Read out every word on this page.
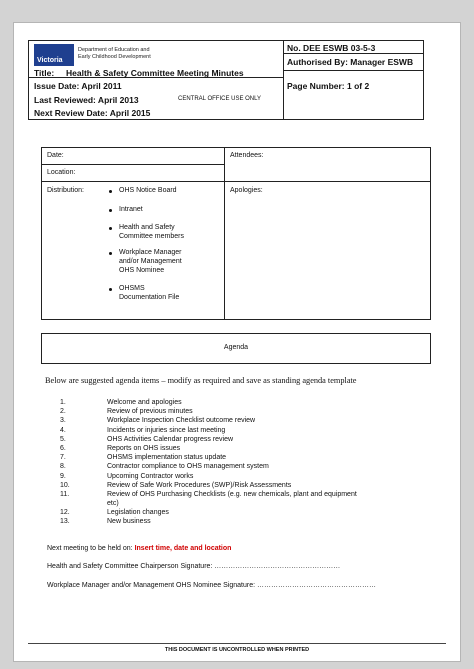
Victoria
Department of Education and
Early Childhood Development
Title: Health & Safety Committee Meeting Minutes
Issue Date: April 2011
Last Reviewed: April 2013	CENTRAL OFFICE USE ONLY
Next Review Date: April 2015
No. DEE ESWB 03-5-3
Authorised By: Manager ESWB
Page Number: 1 of 2
Date:	Attendees:
Location:
Distribution:	Apologies:
OHS Notice Board
Intranet
Health and Safety
Committee members
Workplace Manager
and/or Management
OHS Nominee
OHSMS
Documentation File
Agenda
Below are suggested agenda items – modify as required and save as standing agenda template
1.	Welcome and apologies
2.	Review of previous minutes
3.	Workplace Inspection Checklist outcome review
4.	Incidents or injuries since last meeting
5.	OHS Activities Calendar progress review
6.	Reports on OHS issues
7.	OHSMS implementation status update
8.	Contractor compliance to OHS management system
9.	Upcoming Contractor works
10.	Review of Safe Work Procedures (SWP)/Risk Assessments
11.	Review of OHS Purchasing Checklists (e.g. new chemicals, plant and equipment
etc)
12.	Legislation changes
13.	New business
Next meeting to be held on: Insert time, date and location
Health and Safety Committee Chairperson Signature: ………………………………………………
Workplace Manager and/or Management OHS Nominee Signature: ……………………………………………
THIS DOCUMENT IS UNCONTROLLED WHEN PRINTED
